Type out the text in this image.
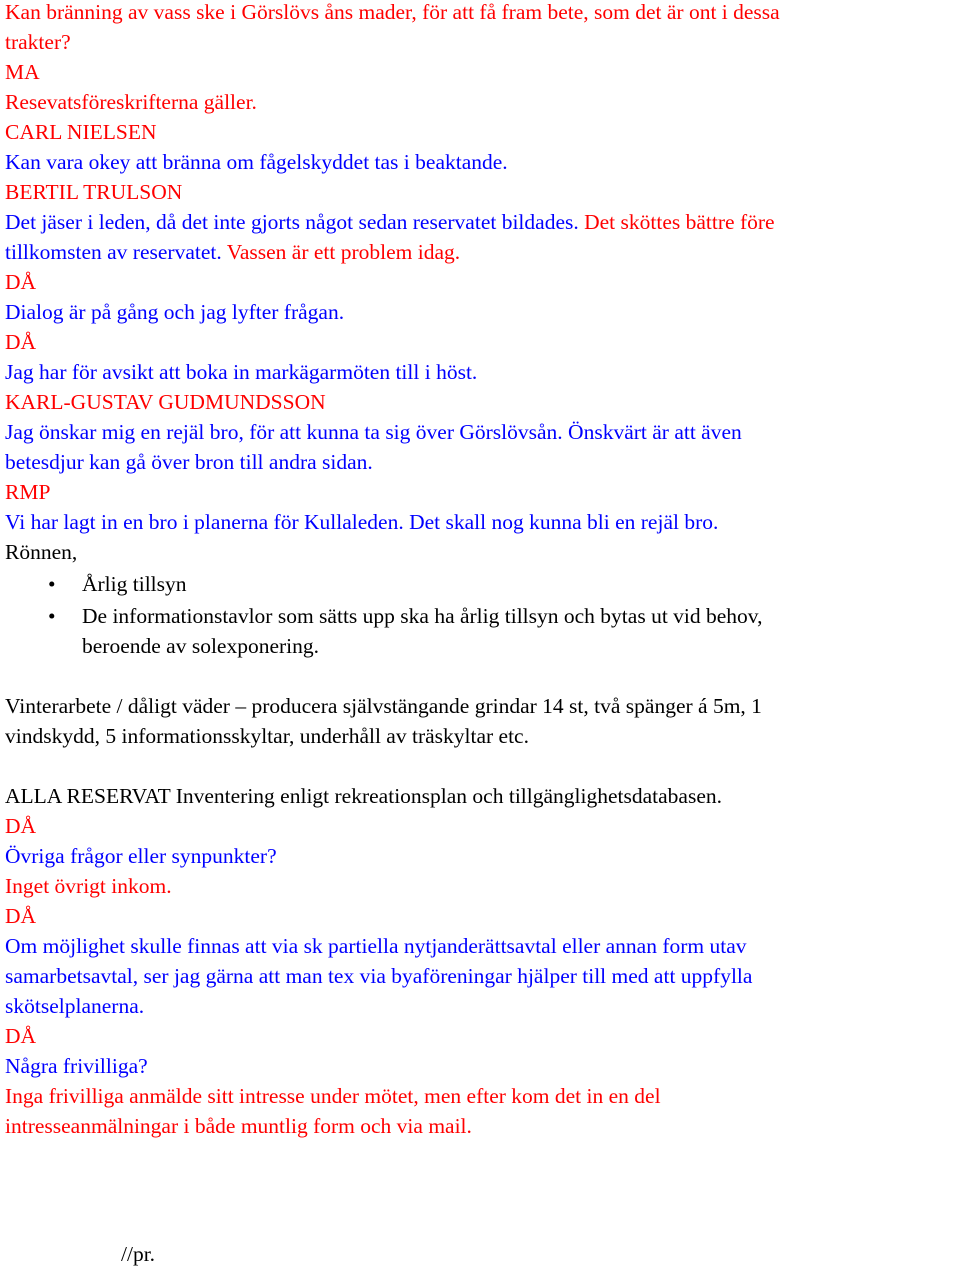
Kan bränning av vass ske i Görslövs åns mader, för att få fram bete, som det är ont i dessa
trakter?
MA
Resevatsföreskrifterna gäller.
CARL NIELSEN
Kan vara okey att bränna om fågelskyddet tas i beaktande.
BERTIL TRULSON
Det jäser i leden, då det inte gjorts något sedan reservatet bildades. Det sköttes bättre före
tillkomsten av reservatet. Vassen är ett problem idag.
DÅ
Dialog är på gång och jag lyfter frågan.
DÅ
Jag har för avsikt att boka in markägarmöten till i höst.
KARL-GUSTAV GUDMUNDSSON
Jag önskar mig en rejäl bro, för att kunna ta sig över Görslövsån. Önskvärt är att även
betesdjur kan gå över bron till andra sidan.
RMP
Vi har lagt in en bro i planerna för Kullaleden. Det skall nog kunna bli en rejäl bro.
Rönnen,
• Årlig tillsyn
• De informationstavlor som sätts upp ska ha årlig tillsyn och bytas ut vid behov,
beroende av solexponering.
Vinterarbete / dåligt väder – producera självstängande grindar 14 st, två spänger á 5m, 1
vindskydd, 5 informationsskyltar, underhåll av träskyltar etc.
ALLA RESERVAT Inventering enligt rekreationsplan och tillgänglighetsdatabasen.
DÅ
Övriga frågor eller synpunkter?
Inget övrigt inkom.
DÅ
Om möjlighet skulle finnas att via sk partiella nytjanderättsavtal eller annan form utav
samarbetsavtal, ser jag gärna att man tex via byaföreningar hjälper till med att uppfylla
skötselplanerna.
DÅ
Några frivilliga?
Inga frivilliga anmälde sitt intresse under mötet, men efter kom det in en del
intresseanmälningar i både muntlig form och via mail.

//pr.
